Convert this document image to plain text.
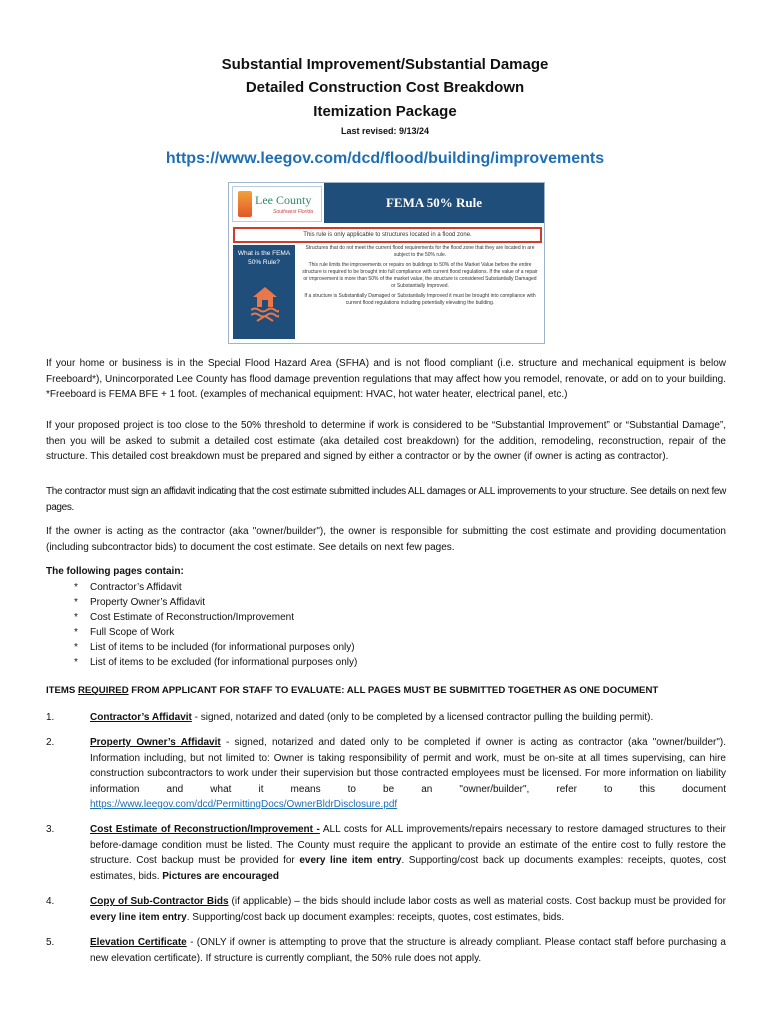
Substantial Improvement/Substantial Damage
Detailed Construction Cost Breakdown
Itemization Package
Last revised: 9/13/24
https://www.leegov.com/dcd/flood/building/improvements
Lee County
Southwest Florida
FEMA 50% Rule
This rule is only applicable to structures located in a flood zone.
What is the FEMA 50% Rule?

Structures that do not meet the current flood requirements for the flood zone that they are located in are subject to the 50% rule.

This rule limits the improvements or repairs on buildings to 50% of the Market Value before the entire structure is required to be brought into full compliance with current flood regulations. If the value of a repair or improvement is more than 50% of the market value, the structure is considered Substantially Damaged or Substantially Improved.

If a structure is Substantially Damaged or Substantially Improved it must be brought into compliance with current flood regulations including potentially elevating the building.

If your home or business is in the Special Flood Hazard Area (SFHA) and is not flood compliant (i.e. structure and mechanical equipment is below Freeboard*), Unincorporated Lee County has flood damage prevention regulations that may affect how you remodel, renovate, or add on to your building. *Freeboard is FEMA BFE + 1 foot. (examples of mechanical equipment: HVAC, hot water heater, electrical panel, etc.)
If your proposed project is too close to the 50% threshold to determine if work is considered to be “Substantial Improvement” or “Substantial Damage”, then you will be asked to submit a detailed cost estimate (aka detailed cost breakdown) for the addition, remodeling, reconstruction, repair of the structure. This detailed cost breakdown must be prepared and signed by either a contractor or by the owner (if owner is acting as contractor).
The contractor must sign an affidavit indicating that the cost estimate submitted includes ALL damages or ALL improvements to your structure. See details on next few pages.
If the owner is acting as the contractor (aka "owner/builder"), the owner is responsible for submitting the cost estimate and providing documentation (including subcontractor bids) to document the cost estimate. See details on next few pages.
The following pages contain:
* Contractor’s Affidavit
* Property Owner’s Affidavit
* Cost Estimate of Reconstruction/Improvement
* Full Scope of Work
* List of items to be included (for informational purposes only)
* List of items to be excluded (for informational purposes only)
ITEMS REQUIRED FROM APPLICANT FOR STAFF TO EVALUATE: ALL PAGES MUST BE SUBMITTED TOGETHER AS ONE DOCUMENT
1.	Contractor’s Affidavit - signed, notarized and dated (only to be completed by a licensed contractor pulling the building permit).
2.	Property Owner’s Affidavit - signed, notarized and dated only to be completed if owner is acting as contractor (aka "owner/builder"). Information including, but not limited to: Owner is taking responsibility of permit and work, must be on-site at all times supervising, can hire construction subcontractors to work under their supervision but those contracted employees must be licensed. For more information on liability information and what it means to be an "owner/builder", refer to this document https://www.leegov.com/dcd/PermittingDocs/OwnerBldrDisclosure.pdf
3.	Cost Estimate of Reconstruction/Improvement - ALL costs for ALL improvements/repairs necessary to restore damaged structures to their before-damage condition must be listed. The County must require the applicant to provide an estimate of the entire cost to fully restore the structure. Cost backup must be provided for every line item entry. Supporting/cost back up documents examples: receipts, quotes, cost estimates, bids. Pictures are encouraged
4.	Copy of Sub-Contractor Bids (if applicable) – the bids should include labor costs as well as material costs. Cost backup must be provided for every line item entry. Supporting/cost back up document examples: receipts, quotes, cost estimates, bids.
5.	Elevation Certificate - (ONLY if owner is attempting to prove that the structure is already compliant. Please contact staff before purchasing a new elevation certificate). If structure is currently compliant, the 50% rule does not apply.
